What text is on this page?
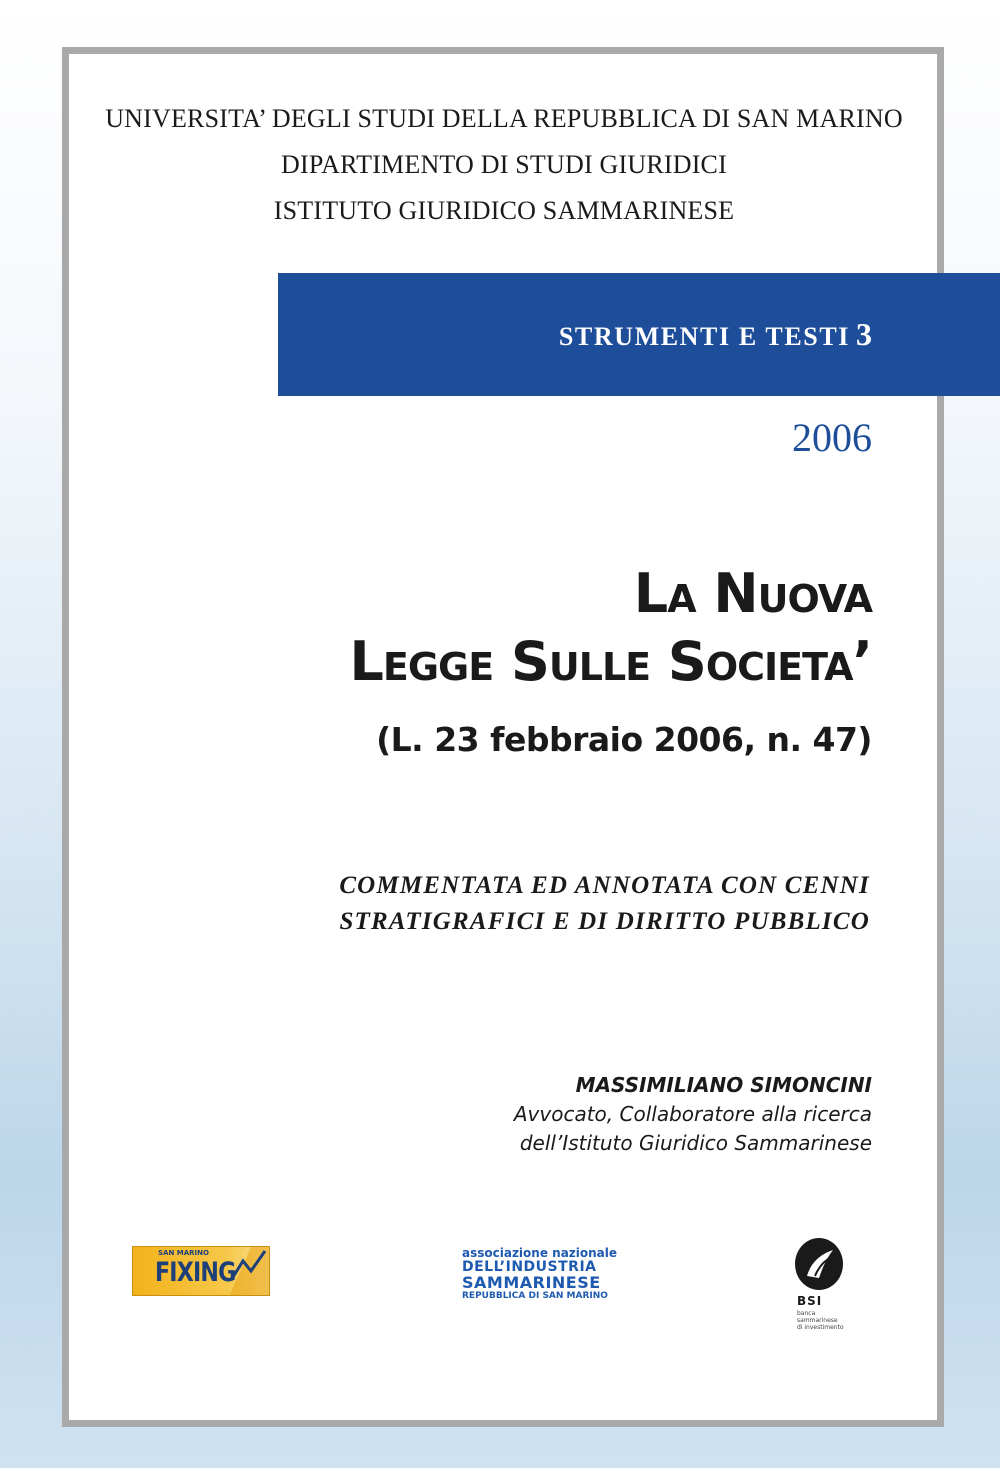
UNIVERSITA’ DEGLI STUDI DELLA REPUBBLICA DI SAN MARINO
DIPARTIMENTO DI STUDI GIURIDICI
ISTITUTO GIURIDICO SAMMARINESE
STRUMENTI E TESTI 3
2006
La Nuova
Legge Sulle Societa’
(L. 23 febbraio 2006, n. 47)
COMMENTATA ED ANNOTATA CON CENNI
STRATIGRAFICI E DI DIRITTO PUBBLICO
MASSIMILIANO SIMONCINI
Avvocato, Collaboratore alla ricerca
dell’Istituto Giuridico Sammarinese
SAN MARINO
FIXING
associazione nazionale
DELL’INDUSTRIA
SAMMARINESE
REPUBBLICA DI SAN MARINO	BSI
banca
sammarinese
di investimento
